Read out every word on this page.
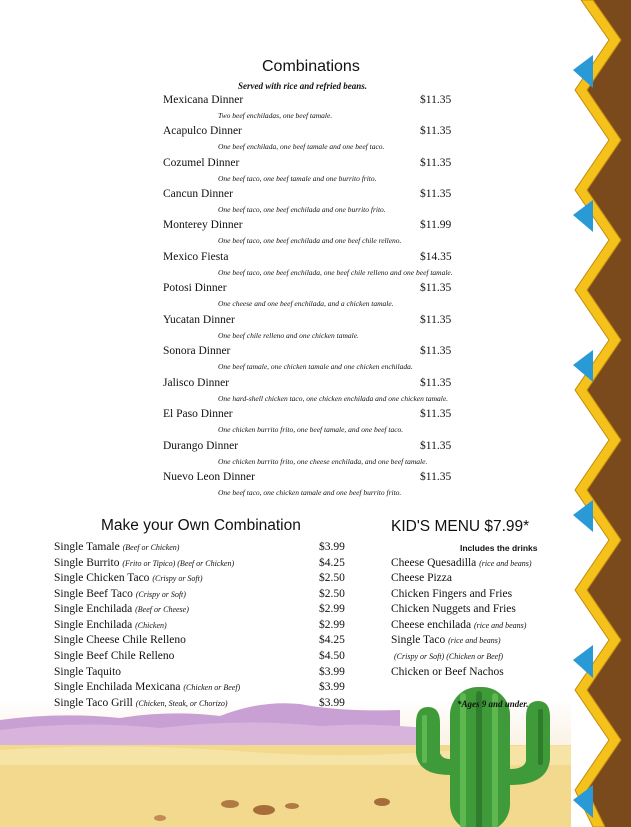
Combinations
Served with rice and refried beans.
Mexicana Dinner	$11.35
Two beef enchiladas, one beef tamale.
Acapulco Dinner	$11.35
One beef enchilada, one beef tamale and one beef taco.
Cozumel Dinner	$11.35
One beef taco, one beef tamale and one burrito frito.
Cancun Dinner	$11.35
One beef taco, one beef enchilada and one burrito frito.
Monterey Dinner	$11.99
One beef taco, one beef enchilada and one beef chile relleno.
Mexico Fiesta	$14.35
One beef taco, one beef enchilada, one beef chile relleno and one beef tamale.
Potosi Dinner	$11.35
One cheese and one beef enchilada, and a chicken tamale.
Yucatan Dinner	$11.35
One beef chile relleno and one chicken tamale.
Sonora Dinner	$11.35
One beef tamale, one chicken tamale and one chicken enchilada.
Jalisco Dinner	$11.35
One hard-shell chicken taco, one chicken enchilada and one chicken tamale.
El Paso Dinner	$11.35
One chicken burrito frito, one beef tamale, and one beef taco.
Durango Dinner	$11.35
One chicken burrito frito, one cheese enchilada, and one beef tamale.
Nuevo Leon Dinner	$11.35
One beef taco, one chicken tamale and one beef burrito frito.
Make your Own Combination
Single Tamale (Beef or Chicken)	$3.99
Single Burrito (Frito or Tipico) (Beef or Chicken)	$4.25
Single Chicken Taco (Crispy or Soft)	$2.50
Single Beef Taco (Crispy or Soft)	$2.50
Single Enchilada (Beef or Cheese)	$2.99
Single Enchilada (Chicken)	$2.99
Single Cheese Chile Relleno	$4.25
Single Beef Chile Relleno	$4.50
Single Taquito	$3.99
Single Enchilada Mexicana (Chicken or Beef)	$3.99
Single Taco Grill (Chicken, Steak, or Chorizo)	$3.99
KID'S MENU $7.99*
Includes the drinks
Cheese Quesadilla (rice and beans)
Cheese Pizza
Chicken Fingers and Fries
Chicken Nuggets and Fries
Cheese enchilada (rice and beans)
Single Taco (rice and beans)
(Crispy or Soft) (Chicken or Beef)
Chicken or Beef Nachos
*Ages 9 and under.
